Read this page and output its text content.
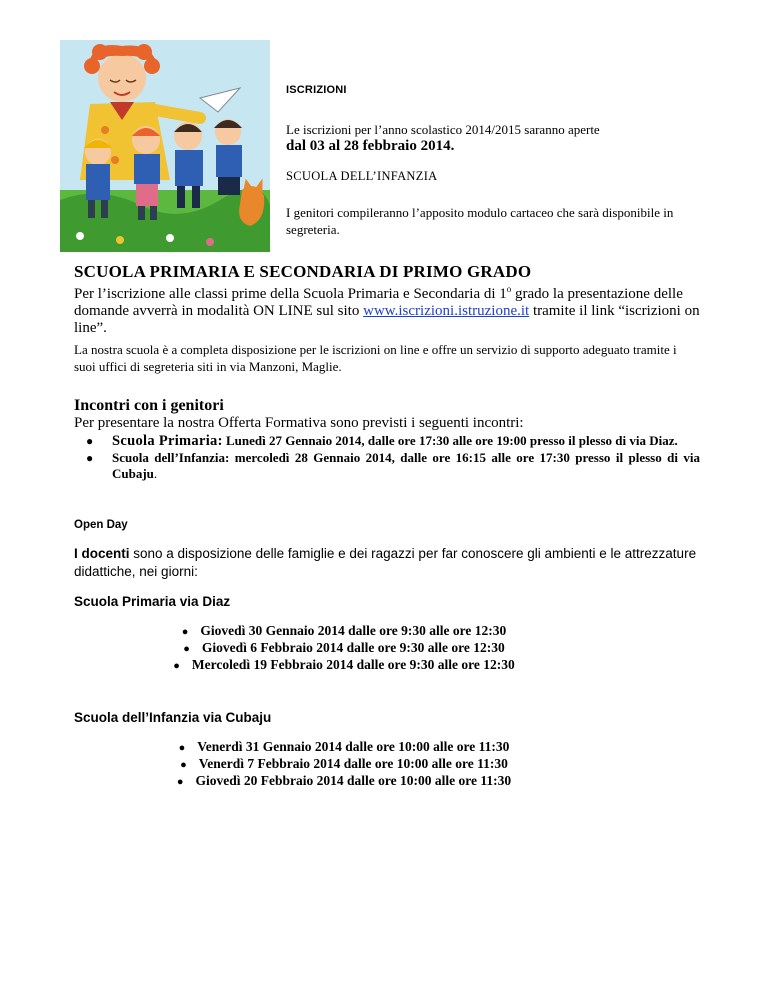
ISCRIZIONI

Le iscrizioni per l’anno scolastico 2014/2015 saranno aperte

dal 03 al 28 febbraio 2014.

SCUOLA DELL’INFANZIA

I genitori compileranno l’apposito modulo cartaceo che sarà disponibile in segreteria.

SCUOLA PRIMARIA E SECONDARIA DI PRIMO GRADO

Per l’iscrizione alle classi prime della Scuola Primaria e Secondaria di 1$^o$ grado la presentazione delle domande avverrà in modalità ON LINE sul sito www.iscrizioni.istruzione.it tramite il link “iscrizioni on line”.

La nostra scuola è a completa disposizione per le iscrizioni on line e offre un servizio di supporto adeguato tramite i suoi uffici di segreteria siti in via Manzoni, Maglie.

Incontri con i genitori

Per presentare la nostra Offerta Formativa sono previsti i seguenti incontri:

● Scuola Primaria: Lunedì 27 Gennaio 2014, dalle ore 17:30 alle ore 19:00 presso il plesso di via Diaz.
● Scuola dell’Infanzia: mercoledì 28 Gennaio 2014, dalle ore 16:15 alle ore 17:30 presso il plesso di via Cubaju.

Open Day

I docenti sono a disposizione delle famiglie e dei ragazzi per far conoscere gli ambienti e le attrezzature didattiche, nei giorni:

Scuola Primaria via Diaz

● Giovedì 30 Gennaio 2014 dalle ore 9:30 alle ore 12:30
● Giovedì 6 Febbraio 2014 dalle ore 9:30 alle ore 12:30
● Mercoledì 19 Febbraio 2014 dalle ore 9:30 alle ore 12:30

Scuola dell’Infanzia via Cubaju

● Venerdì 31 Gennaio 2014 dalle ore 10:00 alle ore 11:30
● Venerdì 7 Febbraio 2014 dalle ore 10:00 alle ore 11:30
● Giovedì 20 Febbraio 2014 dalle ore 10:00 alle ore 11:30
